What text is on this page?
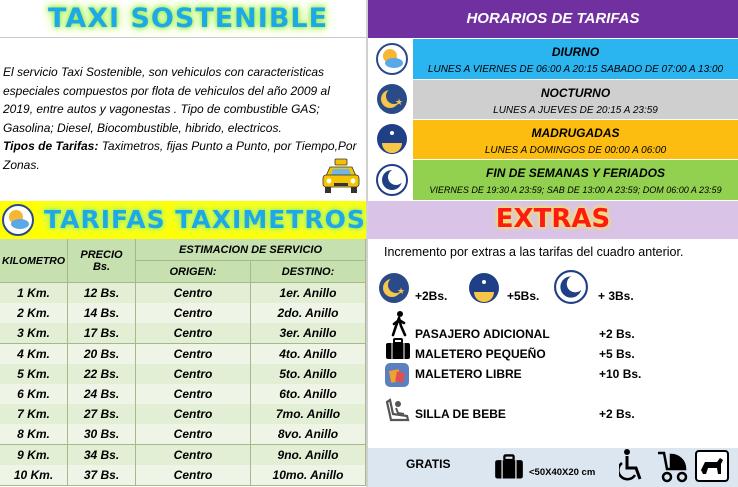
TAXI SOSTENIBLE
El servicio Taxi Sostenible, son vehiculos con caracteristicas especiales compuestos por flota de vehiculos del año 2009 al 2019, entre autos y vagonestas . Tipo de combustible GAS; Gasolina; Diesel, Biocombustible, hibrido, electricos.
Tipos de Tarifas: Taximetros, fijas Punto a Punto, por Tiempo,Por Zonas.
HORARIOS DE TARIFAS
DIURNO
LUNES A VIERNES DE 06:00 A 20:15 SABADO DE 07:00 A 13:00
NOCTURNO
LUNES A JUEVES DE 20:15 A 23:59
★
MADRUGADAS
LUNES A DOMINGOS DE 00:00 A 06:00
FIN DE SEMANAS Y FERIADOS
VIERNES DE 19:30 A 23:59; SAB DE 13:00 A 23:59; DOM 06:00 A 23:59
★
TARIFAS TAXIMETROS
KILOMETRO	PRECIO Bs.
ESTIMACION DE SERVICIO
ORIGEN:	DESTINO:
1 Km.	12 Bs.	Centro	1er. Anillo
2 Km.	14 Bs.	Centro	2do. Anillo
3 Km.	17 Bs.	Centro	3er. Anillo
4 Km.	20 Bs.	Centro	4to. Anillo
5 Km.	22 Bs.	Centro	5to. Anillo
6 Km.	24 Bs.	Centro	6to. Anillo
7 Km.	27 Bs.	Centro	7mo. Anillo
8 Km.	30 Bs.	Centro	8vo. Anillo
9 Km.	34 Bs.	Centro	9no. Anillo
10 Km.	37 Bs.	Centro	10mo. Anillo
EXTRAS
Incremento por extras a las tarifas del cuadro anterior.
★ +2Bs.	+5Bs.
★
+ 3Bs.
PASAJERO ADICIONAL	+2 Bs.
MALETERO PEQUEÑO	+5 Bs.
MALETERO LIBRE	+10 Bs.
SILLA DE BEBE	+2 Bs.
GRATIS
<50X40X20 cm
